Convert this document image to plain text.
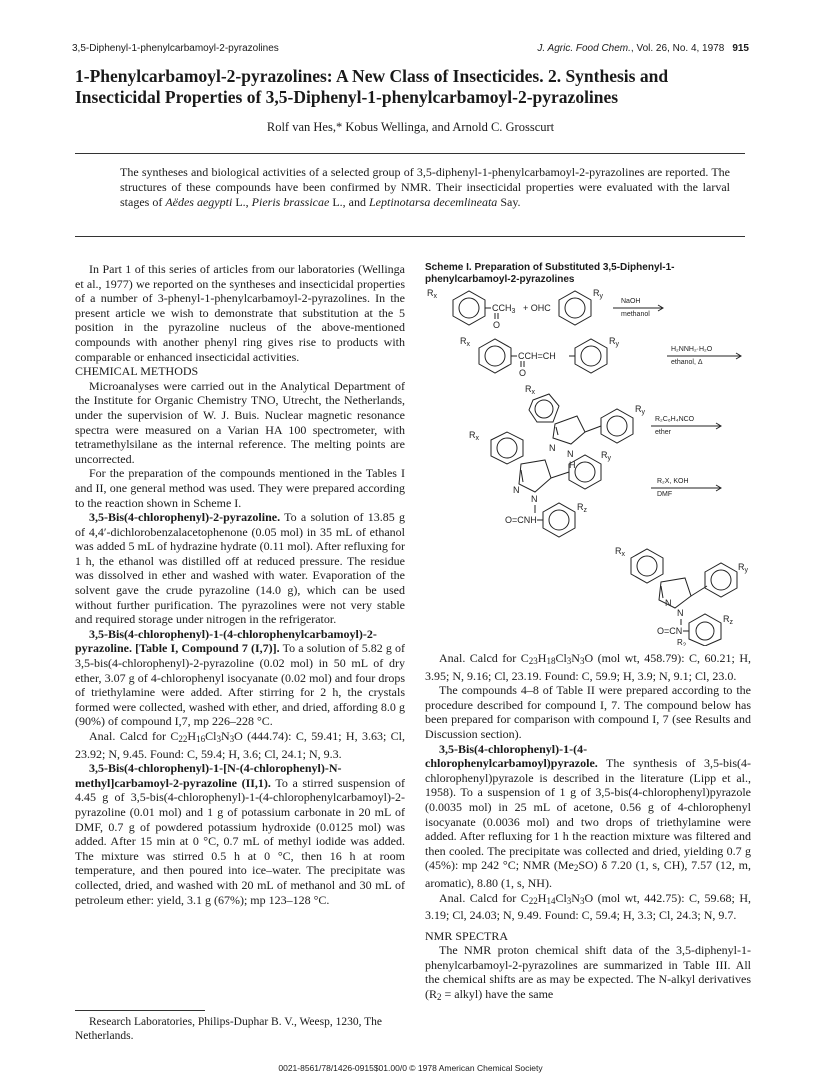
3,5-Diphenyl-1-phenylcarbamoyl-2-pyrazolines	J. Agric. Food Chem., Vol. 26, No. 4, 1978 915
1-Phenylcarbamoyl-2-pyrazolines: A New Class of Insecticides. 2. Synthesis and Insecticidal Properties of 3,5-Diphenyl-1-phenylcarbamoyl-2-pyrazolines
Rolf van Hes,* Kobus Wellinga, and Arnold C. Grosscurt
The syntheses and biological activities of a selected group of 3,5-diphenyl-1-phenylcarbamoyl-2-pyrazolines are reported. The structures of these compounds have been confirmed by NMR. Their insecticidal properties were evaluated with the larval stages of Aëdes aegypti L., Pieris brassicae L., and Leptinotarsa decemlineata Say.

In Part 1 of this series of articles from our laboratories (Wellinga et al., 1977) we reported on the syntheses and insecticidal properties of a number of 3-phenyl-1-phenylcarbamoyl-2-pyrazolines. In the present article we wish to demonstrate that substitution at the 5 position in the pyrazoline nucleus of the above-mentioned compounds with another phenyl ring gives rise to products with comparable or enhanced insecticidal activities.

CHEMICAL METHODS

Microanalyses were carried out in the Analytical Department of the Institute for Organic Chemistry TNO, Utrecht, the Netherlands, under the supervision of W. J. Buis. Nuclear magnetic resonance spectra were measured on a Varian HA 100 spectrometer, with tetramethylsilane as the internal reference. The melting points are uncorrected.

For the preparation of the compounds mentioned in the Tables I and II, one general method was used. They were prepared according to the reaction shown in Scheme I.

3,5-Bis(4-chlorophenyl)-2-pyrazoline. To a solution of 13.85 g of 4,4′-dichlorobenzalacetophenone (0.05 mol) in 35 mL of ethanol was added 5 mL of hydrazine hydrate (0.11 mol). After refluxing for 1 h, the ethanol was distilled off at reduced pressure. The residue was dissolved in ether and washed with water. Evaporation of the solvent gave the crude pyrazoline (14.0 g), which can be used without further purification. The pyrazolines were not very stable and required storage under nitrogen in the refrigerator.

3,5-Bis(4-chlorophenyl)-1-(4-chlorophenylcarbamoyl)-2-pyrazoline. [Table I, Compound 7 (I,7)]. To a solution of 5.82 g of 3,5-bis(4-chlorophenyl)-2-pyrazoline (0.02 mol) in 50 mL of dry ether, 3.07 g of 4-chlorophenyl isocyanate (0.02 mol) and four drops of triethylamine were added. After stirring for 2 h, the crystals formed were collected, washed with ether, and dried, affording 8.0 g (90%) of compound I,7, mp 226–228 °C.

Anal. Calcd for $C_{22}H_{16}Cl_3N_3O$ (444.74): C, 59.41; H, 3.63; Cl, 23.92; N, 9.45. Found: C, 59.4; H, 3.6; Cl, 24.1; N, 9.3.

3,5-Bis(4-chlorophenyl)-1-[N-(4-chlorophenyl)-N-methyl]carbamoyl-2-pyrazoline (II,1). To a stirred suspension of 4.45 g of 3,5-bis(4-chlorophenyl)-1-(4-chlorophenylcarbamoyl)-2-pyrazoline (0.01 mol) and 1 g of potassium carbonate in 20 mL of DMF, 0.7 g of powdered potassium hydroxide (0.0125 mol) was added. After 15 min at 0 °C, 0.7 mL of methyl iodide was added. The mixture was stirred 0.5 h at 0 °C, then 16 h at room temperature, and then poured into ice–water. The precipitate was collected, dried, and washed with 20 mL of methanol and 30 mL of petroleum ether: yield, 3.1 g (67%); mp 123–128 °C.

Research Laboratories, Philips-Duphar B. V., Weesp, 1230, The Netherlands.
Scheme I. Preparation of Substituted 3,5-Diphenyl-1-phenylcarbamoyl-2-pyrazolines
$R_x$
$CCH_3$
O
+ OHC
$R_y$
NaOH
methanol
$R_x$
CCH=CH
O
$R_y$
H₂NNH₂·H₂O
ethanol, Δ
$R_x$
N
N
H
$R_y$
R₂C₆H₄NCO
ether
$R_x$
N
N
$R_y$
O=CNH
$R_z$
R₂X, KOH
DMF
$R_x$
N
N
$R_y$
O=CN
$R_z$
$R_2$

Anal. Calcd for $C_{23}H_{18}Cl_3N_3O$ (mol wt, 458.79): C, 60.21; H, 3.95; N, 9.16; Cl, 23.19. Found: C, 59.9; H, 3.9; N, 9.1; Cl, 23.0.

The compounds 4–8 of Table II were prepared according to the procedure described for compound I, 7. The compound below has been prepared for comparison with compound I, 7 (see Results and Discussion section).

3,5-Bis(4-chlorophenyl)-1-(4-chlorophenylcarbamoyl)pyrazole. The synthesis of 3,5-bis(4-chlorophenyl)pyrazole is described in the literature (Lipp et al., 1958). To a suspension of 1 g of 3,5-bis(4-chlorophenyl)pyrazole (0.0035 mol) in 25 mL of acetone, 0.56 g of 4-chlorophenyl isocyanate (0.0036 mol) and two drops of triethylamine were added. After refluxing for 1 h the reaction mixture was filtered and then cooled. The precipitate was collected and dried, yielding 0.7 g (45%): mp 242 °C; NMR $(Me_2SO)$ δ 7.20 (1, s, CH), 7.57 (12, m, aromatic), 8.80 (1, s, NH).

Anal. Calcd for $C_{22}H_{14}Cl_3N_3O$ (mol wt, 442.75): C, 59.68; H, 3.19; Cl, 24.03; N, 9.49. Found: C, 59.4; H, 3.3; Cl, 24.3; N, 9.7.

NMR SPECTRA

The NMR proton chemical shift data of the 3,5-diphenyl-1-phenylcarbamoyl-2-pyrazolines are summarized in Table III. All the chemical shifts are as may be expected. The N-alkyl derivatives ($R_2$ = alkyl) have the same

0021-8561/78/1426-0915$01.00/0 © 1978 American Chemical Society
